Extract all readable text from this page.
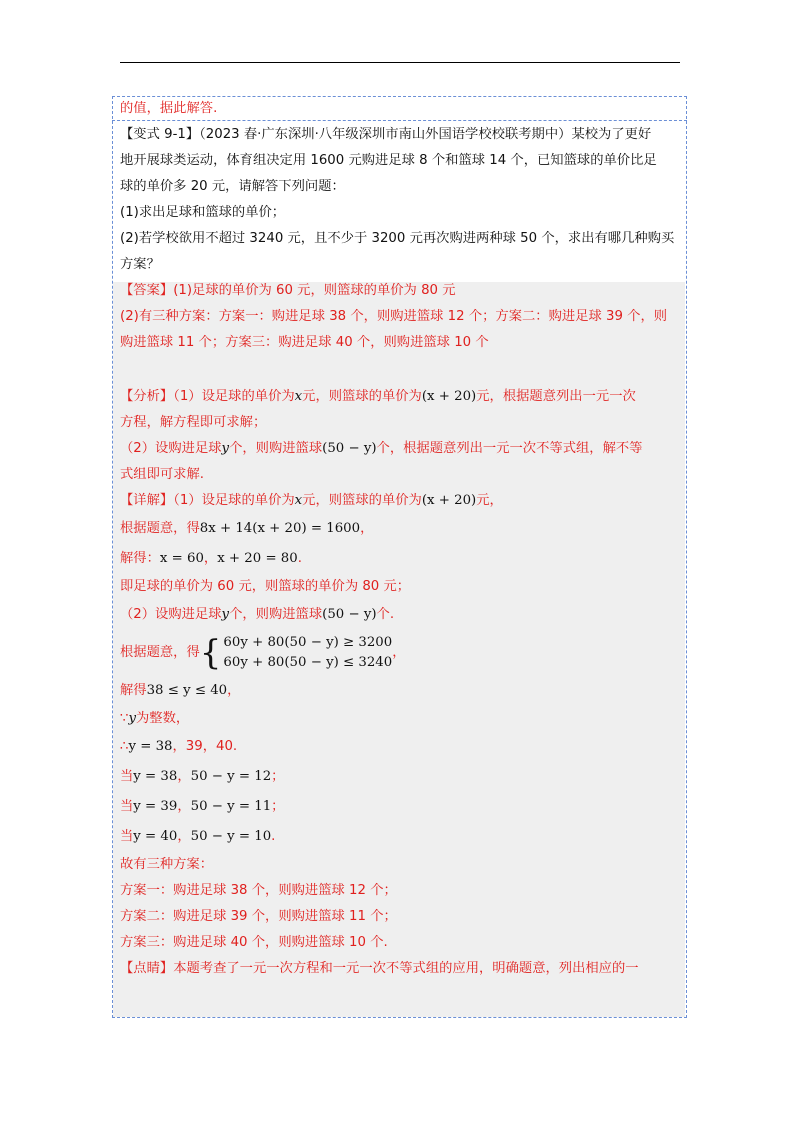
的值，据此解答.
【变式 9-1】（2023 春·广东深圳·八年级深圳市南山外国语学校校联考期中）某校为了更好
地开展球类运动，体育组决定用 1600 元购进足球 8 个和篮球 14 个，已知篮球的单价比足
球的单价多 20 元，请解答下列问题：
(1)求出足球和篮球的单价；
(2)若学校欲用不超过 3240 元，且不少于 3200 元再次购进两种球 50 个，求出有哪几种购买
方案？
【答案】(1)足球的单价为 60 元，则篮球的单价为 80 元
(2)有三种方案：方案一：购进足球 38 个，则购进篮球 12 个；方案二：购进足球 39 个，则
购进篮球 11 个；方案三：购进足球 40 个，则购进篮球 10 个
【分析】（1）设足球的单价为x元，则篮球的单价为(x + 20)元，根据题意列出一元一次
方程，解方程即可求解；
（2）设购进足球y个，则购进篮球(50 − y)个，根据题意列出一元一次不等式组，解不等
式组即可求解.
【详解】（1）设足球的单价为x元，则篮球的单价为(x + 20)元，
根据题意，得8x + 14(x + 20) = 1600，
解得：x = 60，x + 20 = 80.
即足球的单价为 60 元，则篮球的单价为 80 元；
（2）设购进足球y个，则购进篮球(50 − y)个.
根据题意，得 { 60y + 80(50 − y) ≥ 3200
60y + 80(50 − y) ≤ 3240
，
解得38 ≤ y ≤ 40，
∵y为整数，
∴y = 38，39，40.
当y = 38，50 − y = 12；
当y = 39，50 − y = 11；
当y = 40，50 − y = 10.
故有三种方案：
方案一：购进足球 38 个，则购进篮球 12 个；
方案二：购进足球 39 个，则购进篮球 11 个；
方案三：购进足球 40 个，则购进篮球 10 个.
【点睛】本题考查了一元一次方程和一元一次不等式组的应用，明确题意，列出相应的一
